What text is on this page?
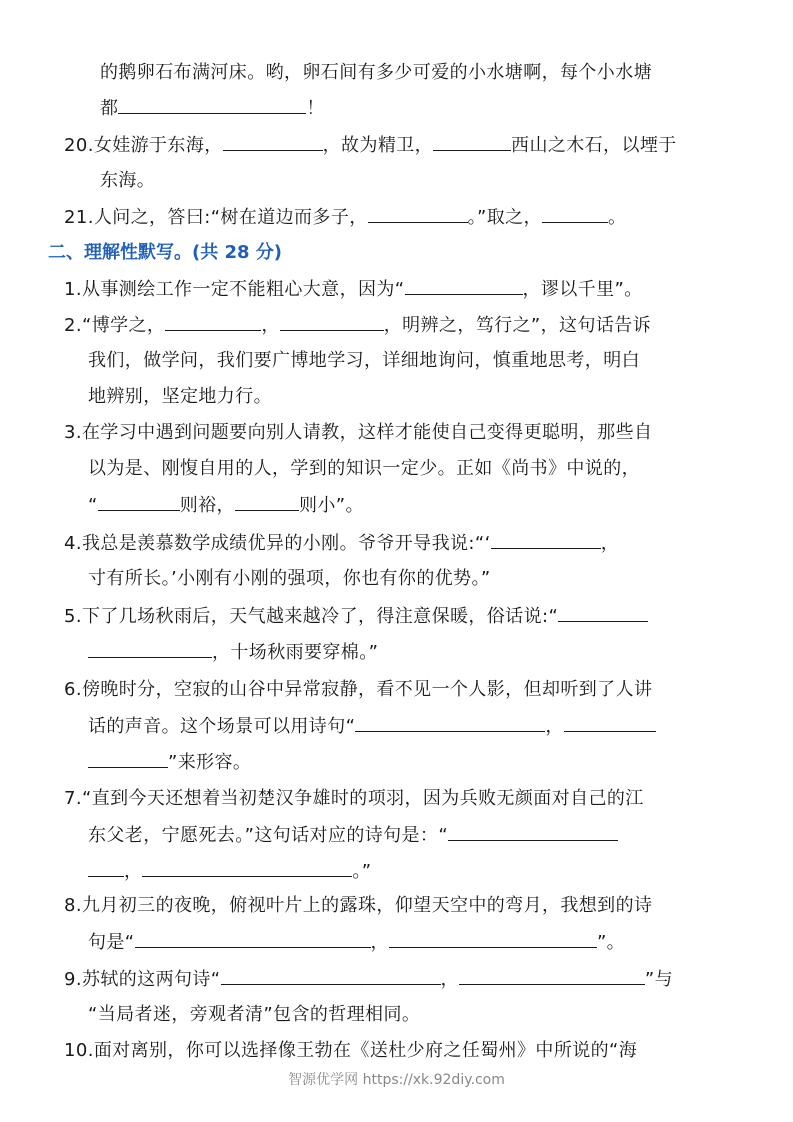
的鹅卵石布满河床。哟，卵石间有多少可爱的小水塘啊，每个小水塘
都	！
20.女娃游于东海，	，故为精卫，	西山之木石，以堙于
东海。
21.人问之，答曰:“树在道边而多子，	。”取之，	。
二、理解性默写。(共 28 分)
1.从事测绘工作一定不能粗心大意，因为“	，谬以千里”。
2.“博学之，	，	，明辨之，笃行之”，这句话告诉
我们，做学问，我们要广博地学习，详细地询问，慎重地思考，明白
地辨别，坚定地力行。
3.在学习中遇到问题要向别人请教，这样才能使自己变得更聪明，那些自
以为是、刚愎自用的人，学到的知识一定少。正如《尚书》中说的，
“	则裕，	则小”。
4.我总是羡慕数学成绩优异的小刚。爷爷开导我说:“‘	，
寸有所长。’小刚有小刚的强项，你也有你的优势。”
5.下了几场秋雨后，天气越来越冷了，得注意保暖，俗话说:“
，十场秋雨要穿棉。”
6.傍晚时分，空寂的山谷中异常寂静，看不见一个人影，但却听到了人讲
话的声音。这个场景可以用诗句“	，
”来形容。
7.“直到今天还想着当初楚汉争雄时的项羽，因为兵败无颜面对自己的江
东父老，宁愿死去。”这句话对应的诗句是：“
，	。”
8.九月初三的夜晚，俯视叶片上的露珠，仰望天空中的弯月，我想到的诗
句是“	，	”。
9.苏轼的这两句诗“	，	”与
“当局者迷，旁观者清”包含的哲理相同。
10.面对离别，你可以选择像王勃在《送杜少府之任蜀州》中所说的“海
智源优学网 https://xk.92diy.com
